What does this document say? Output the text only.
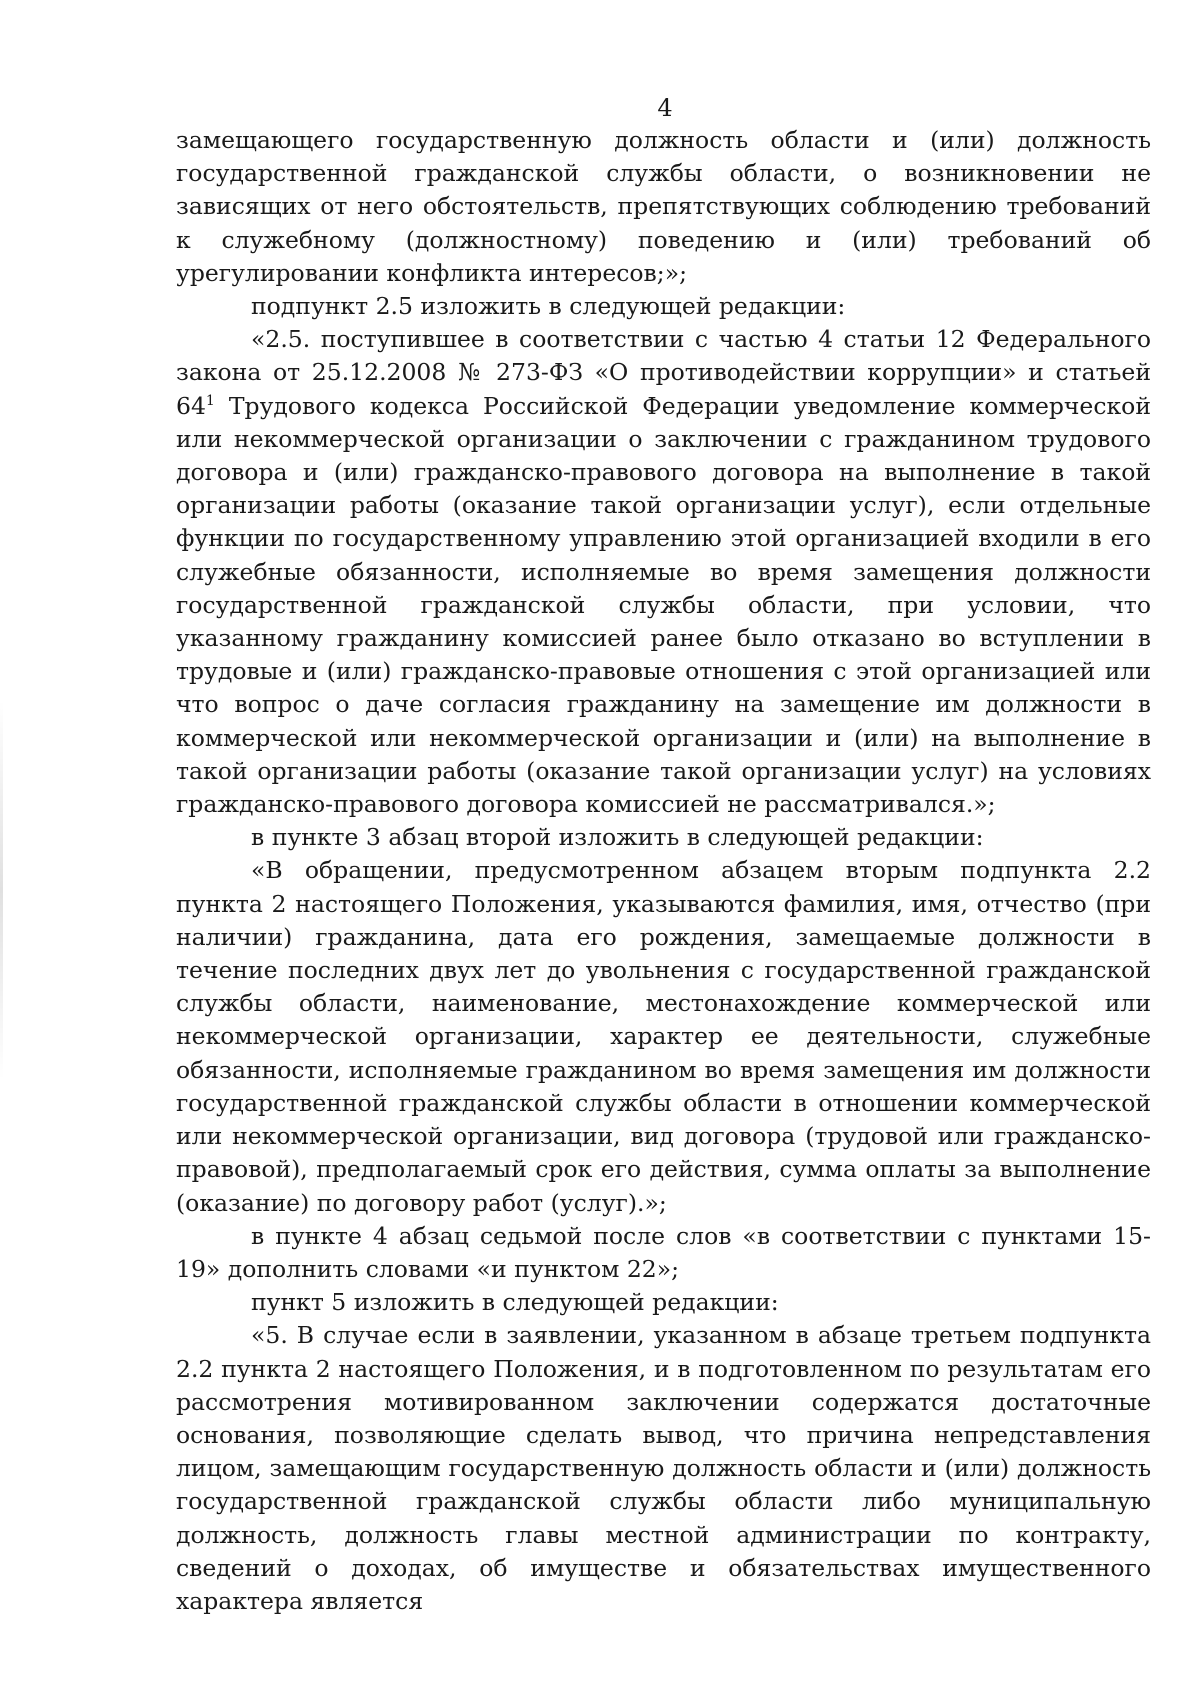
4

замещающего государственную должность области и (или) должность государственной гражданской службы области, о возникновении не зависящих от него обстоятельств, препятствующих соблюдению требований к служебному (должностному) поведению и (или) требований об урегулировании конфликта интересов;»;

подпункт 2.5 изложить в следующей редакции:

«2.5. поступившее в соответствии с частью 4 статьи 12 Федерального закона от 25.12.2008 № 273-ФЗ «О противодействии коррупции» и статьей $64^1$ Трудового кодекса Российской Федерации уведомление коммерческой или некоммерческой организации о заключении с гражданином трудового договора и (или) гражданско-правового договора на выполнение в такой организации работы (оказание такой организации услуг), если отдельные функции по государственному управлению этой организацией входили в его служебные обязанности, исполняемые во время замещения должности государственной гражданской службы области, при условии, что указанному гражданину комиссией ранее было отказано во вступлении в трудовые и (или) гражданско-правовые отношения с этой организацией или что вопрос о даче согласия гражданину на замещение им должности в коммерческой или некоммерческой организации и (или) на выполнение в такой организации работы (оказание такой организации услуг) на условиях гражданско-правового договора комиссией не рассматривался.»;

в пункте 3 абзац второй изложить в следующей редакции:

«В обращении, предусмотренном абзацем вторым подпункта 2.2 пункта 2 настоящего Положения, указываются фамилия, имя, отчество (при наличии) гражданина, дата его рождения, замещаемые должности в течение последних двух лет до увольнения с государственной гражданской службы области, наименование, местонахождение коммерческой или некоммерческой организации, характер ее деятельности, служебные обязанности, исполняемые гражданином во время замещения им должности государственной гражданской службы области в отношении коммерческой или некоммерческой организации, вид договора (трудовой или гражданско-правовой), предполагаемый срок его действия, сумма оплаты за выполнение (оказание) по договору работ (услуг).»;

в пункте 4 абзац седьмой после слов «в соответствии с пунктами 15-19» дополнить словами «и пунктом 22»;

пункт 5 изложить в следующей редакции:

«5. В случае если в заявлении, указанном в абзаце третьем подпункта 2.2 пункта 2 настоящего Положения, и в подготовленном по результатам его рассмотрения мотивированном заключении содержатся достаточные основания, позволяющие сделать вывод, что причина непредставления лицом, замещающим государственную должность области и (или) должность государственной гражданской службы области либо муниципальную должность, должность главы местной администрации по контракту, сведений о доходах, об имуществе и обязательствах имущественного характера является
